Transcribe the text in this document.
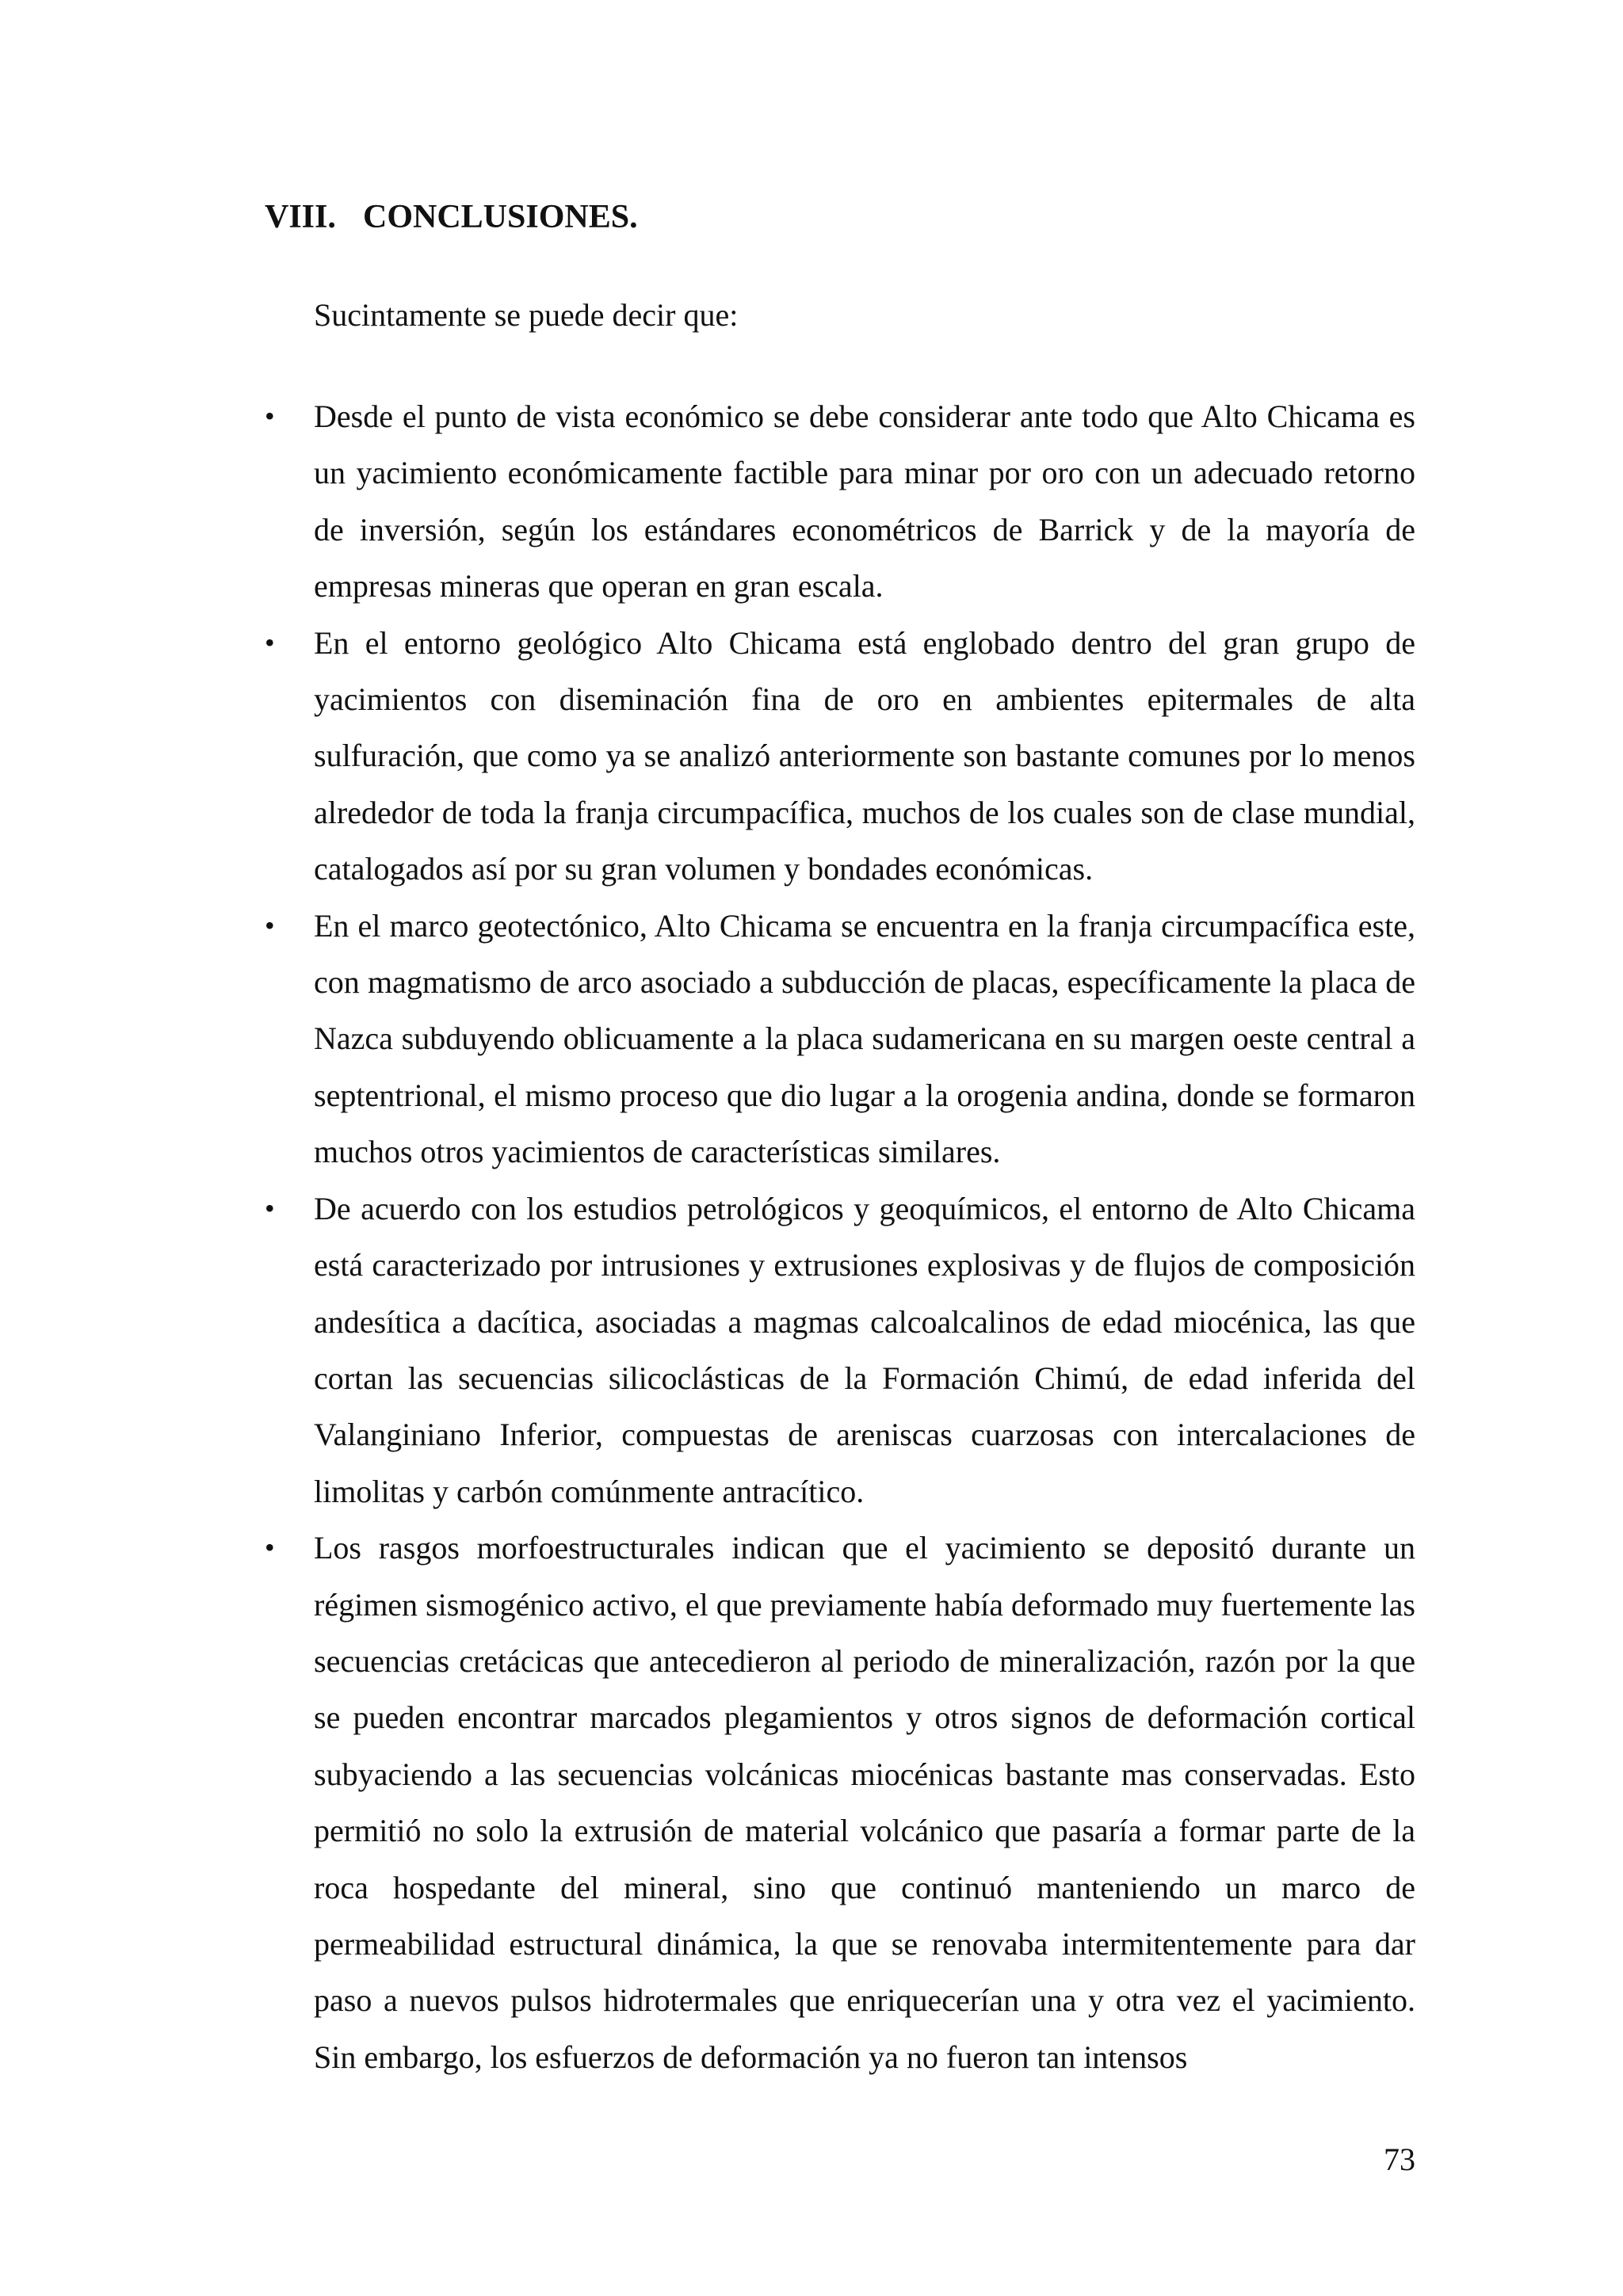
VIII. CONCLUSIONES.

Sucintamente se puede decir que:

•	Desde el punto de vista económico se debe considerar ante todo que Alto Chicama es un yacimiento económicamente factible para minar por oro con un adecuado retorno de inversión, según los estándares econométricos de Barrick y de la mayoría de empresas mineras que operan en gran escala.
•	En el entorno geológico Alto Chicama está englobado dentro del gran grupo de yacimientos con diseminación fina de oro en ambientes epitermales de alta sulfuración, que como ya se analizó anteriormente son bastante comunes por lo menos alrededor de toda la franja circumpacífica, muchos de los cuales son de clase mundial, catalogados así por su gran volumen y bondades económicas.
•	En el marco geotectónico, Alto Chicama se encuentra en la franja circumpacífica este, con magmatismo de arco asociado a subducción de placas, específicamente la placa de Nazca subduyendo oblicuamente a la placa sudamericana en su margen oeste central a septentrional, el mismo proceso que dio lugar a la orogenia andina, donde se formaron muchos otros yacimientos de características similares.
•	De acuerdo con los estudios petrológicos y geoquímicos, el entorno de Alto Chicama está caracterizado por intrusiones y extrusiones explosivas y de flujos de composición andesítica a dacítica, asociadas a magmas calcoalcalinos de edad miocénica, las que cortan las secuencias silicoclásticas de la Formación Chimú, de edad inferida del Valanginiano Inferior, compuestas de areniscas cuarzosas con intercalaciones de limolitas y carbón comúnmente antracítico.
•	Los rasgos morfoestructurales indican que el yacimiento se depositó durante un régimen sismogénico activo, el que previamente había deformado muy fuertemente las secuencias cretácicas que antecedieron al periodo de mineralización, razón por la que se pueden encontrar marcados plegamientos y otros signos de deformación cortical subyaciendo a las secuencias volcánicas miocénicas bastante mas conservadas. Esto permitió no solo la extrusión de material volcánico que pasaría a formar parte de la roca hospedante del mineral, sino que continuó manteniendo un marco de permeabilidad estructural dinámica, la que se renovaba intermitentemente para dar paso a nuevos pulsos hidrotermales que enriquecerían una y otra vez el yacimiento. Sin embargo, los esfuerzos de deformación ya no fueron tan intensos

73
